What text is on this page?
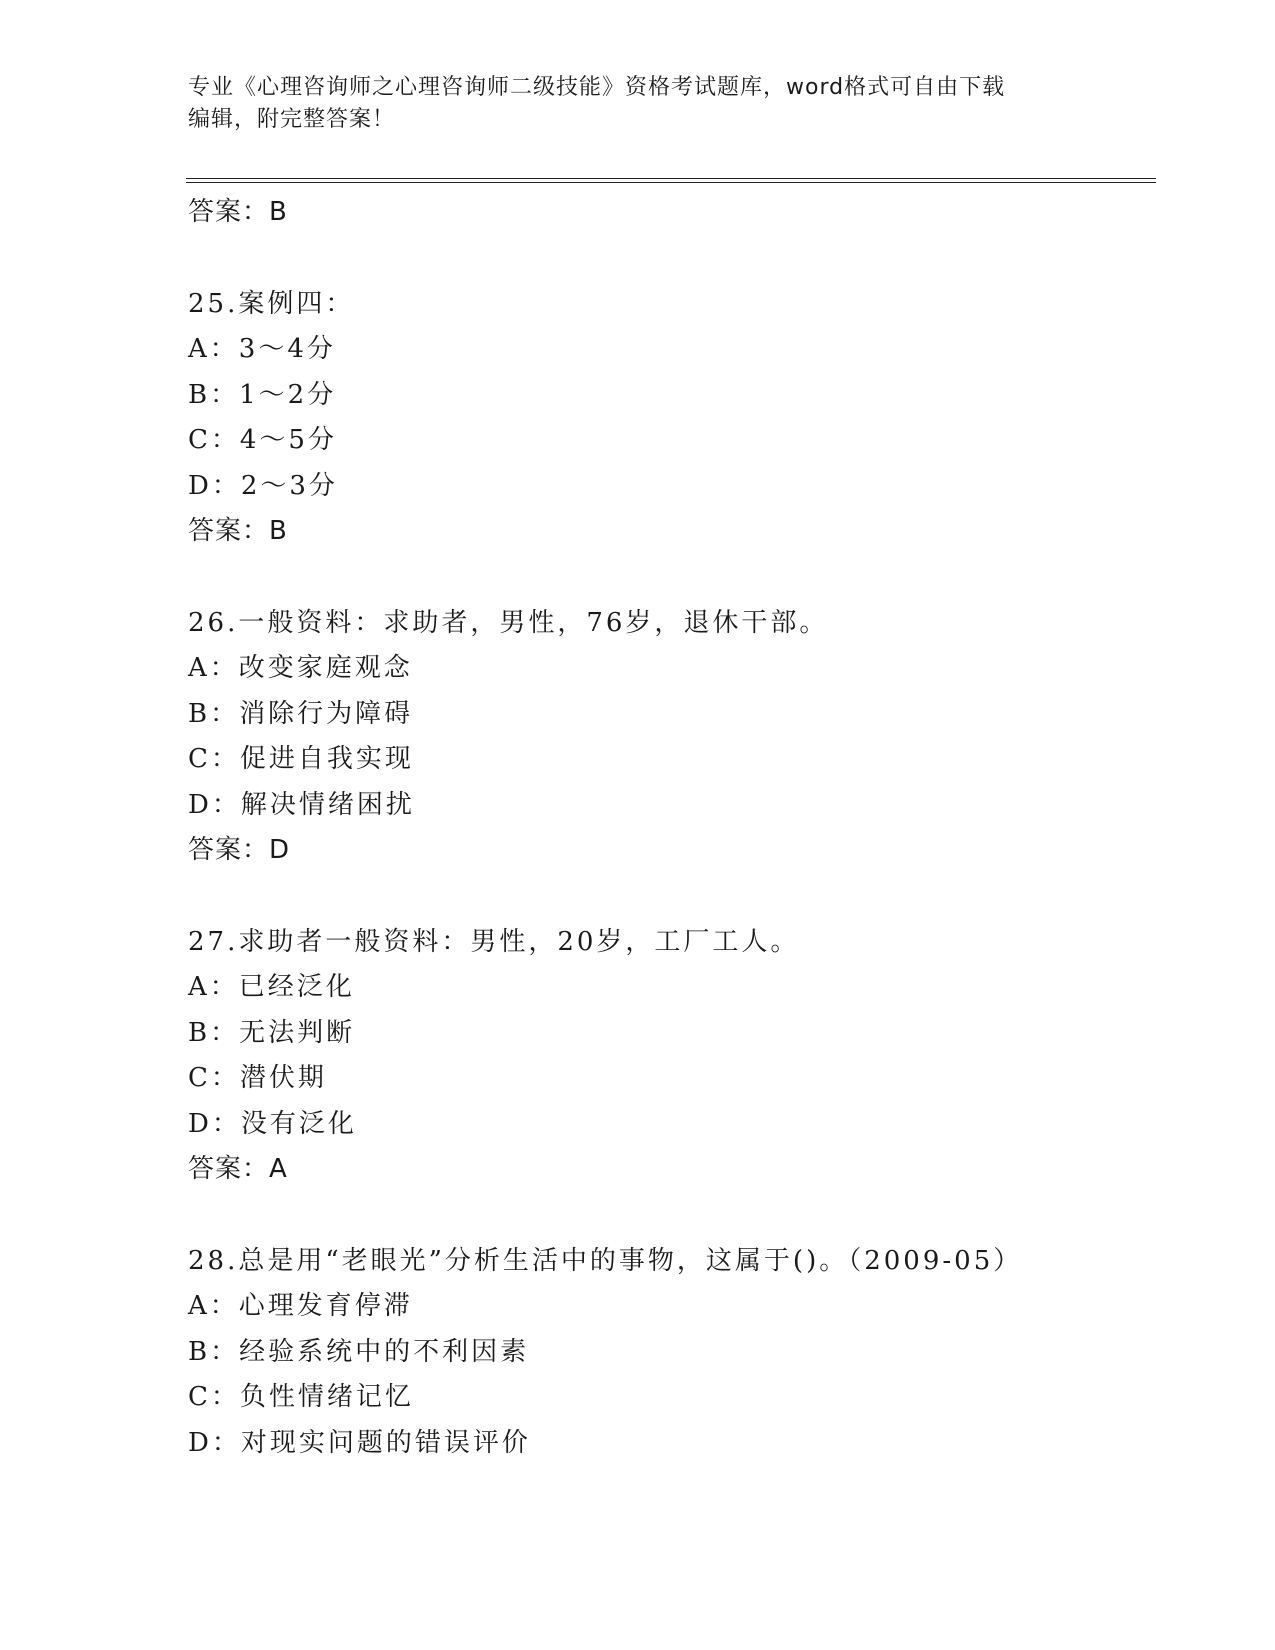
专业《心理咨询师之心理咨询师二级技能》资格考试题库，word格式可自由下载
编辑，附完整答案！
答案：B
25.案例四：
A：3～4分
B：1～2分
C：4～5分
D：2～3分
答案：B
26.一般资料：求助者，男性，76岁，退休干部。
A：改变家庭观念
B：消除行为障碍
C：促进自我实现
D：解决情绪困扰
答案：D
27.求助者一般资料：男性，20岁，工厂工人。
A：已经泛化
B：无法判断
C：潜伏期
D：没有泛化
答案：A
28.总是用“老眼光”分析生活中的事物，这属于()。（2009-05）
A：心理发育停滞
B：经验系统中的不利因素
C：负性情绪记忆
D：对现实问题的错误评价
